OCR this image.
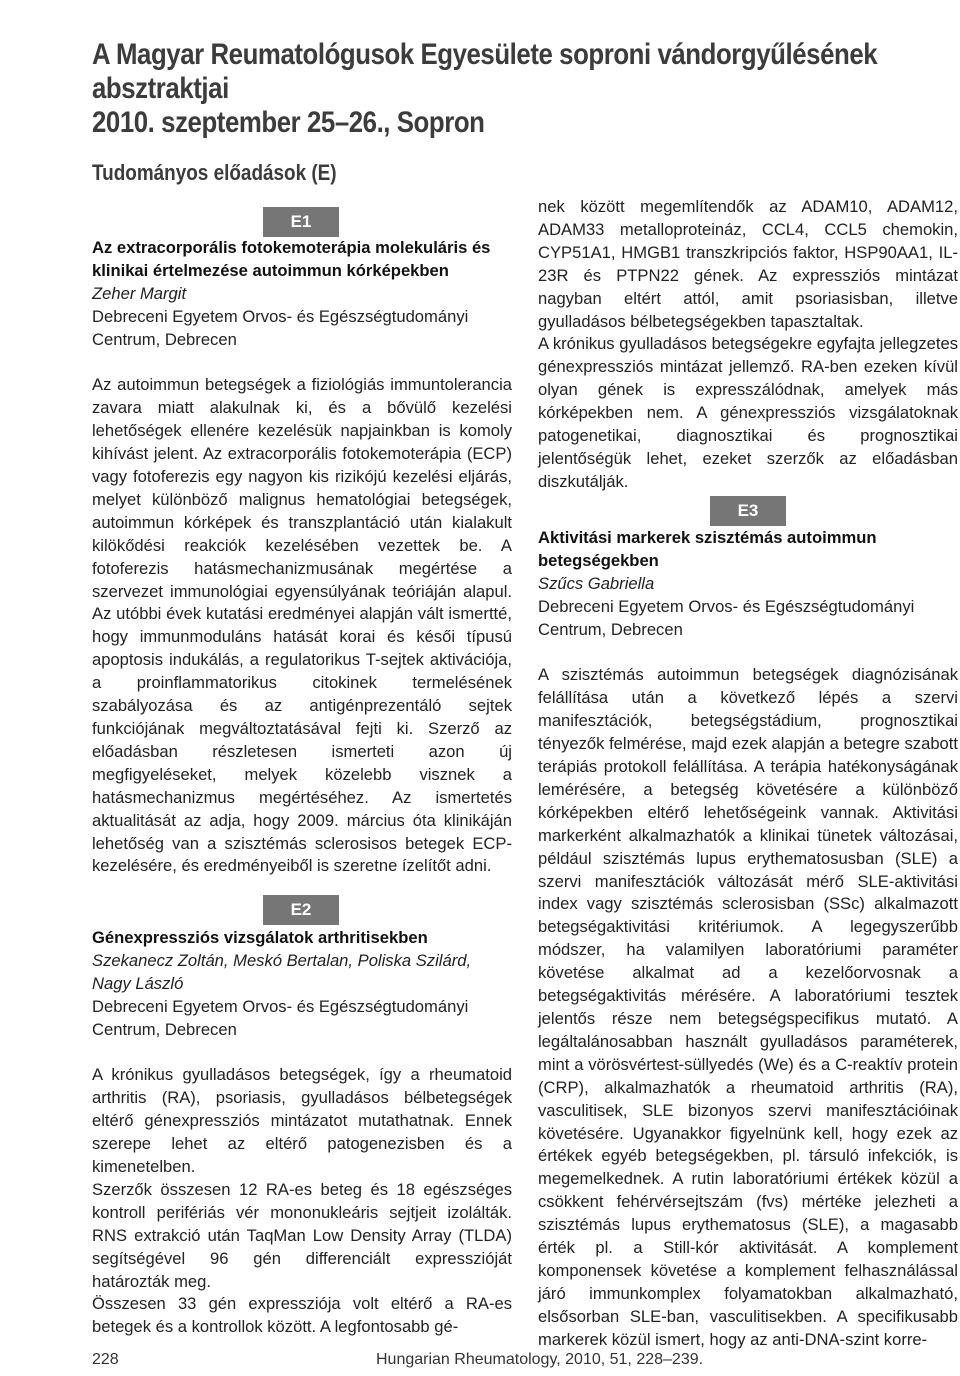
A Magyar Reumatológusok Egyesülete soproni vándorgyűlésének
absztraktjai
2010. szeptember 25–26., Sopron
Tudományos előadások (E)
E1

Az extracorporális fotokemoterápia molekuláris és klinikai értelmezése autoimmun kórképekben

Zeher Margit

Debreceni Egyetem Orvos- és Egészségtudományi Centrum, Debrecen

Az autoimmun betegségek a fiziológiás immuntolerancia zavara miatt alakulnak ki, és a bővülő kezelési lehetőségek ellenére kezelésük napjainkban is komoly kihívást jelent. Az extracorporális fotokemoterápia (ECP) vagy fotoferezis egy nagyon kis rizikójú kezelési eljárás, melyet különböző malignus hematológiai betegségek, autoimmun kórképek és transzplantáció után kialakult kilökődési reakciók kezelésében vezettek be. A fotoferezis hatásmechanizmusának megértése a szervezet immunológiai egyensúlyának teóriáján alapul. Az utóbbi évek kutatási eredményei alapján vált ismertté, hogy immunmoduláns hatását korai és késői típusú apoptosis indukálás, a regulatorikus T-sejtek aktivációja, a proinflammatorikus citokinek termelésének szabályozása és az antigénprezentáló sejtek funkciójának megváltoztatásával fejti ki. Szerző az előadásban részletesen ismerteti azon új megfigyeléseket, melyek közelebb visznek a hatásmechanizmus megértéséhez. Az ismertetés aktualitását az adja, hogy 2009. március óta klinikáján lehetőség van a szisztémás sclerosisos betegek ECP-kezelésére, és eredményeiből is szeretne ízelítőt adni.

E2

Génexpressziós vizsgálatok arthritisekben

Szekanecz Zoltán, Meskó Bertalan, Poliska Szilárd, Nagy László

Debreceni Egyetem Orvos- és Egészségtudományi Centrum, Debrecen

A krónikus gyulladásos betegségek, így a rheumatoid arthritis (RA), psoriasis, gyulladásos bélbetegségek eltérő génexpressziós mintázatot mutathatnak. Ennek szerepe lehet az eltérő patogenezisben és a kimenetelben.

Szerzők összesen 12 RA-es beteg és 18 egészséges kontroll perifériás vér mononukleáris sejtjeit izolálták. RNS extrakció után TaqMan Low Density Array (TLDA) segítségével 96 gén differenciált expresszióját határozták meg.

Összesen 33 gén expressziója volt eltérő a RA-es betegek és a kontrollok között. A legfontosabb gé-

nek között megemlítendők az ADAM10, ADAM12, ADAM33 metalloproteináz, CCL4, CCL5 chemokin, CYP51A1, HMGB1 transzkripciós faktor, HSP90AA1, IL-23R és PTPN22 gének. Az expressziós mintázat nagyban eltért attól, amit psoriasisban, illetve gyulladásos bélbetegségekben tapasztaltak.

A krónikus gyulladásos betegségekre egyfajta jellegzetes génexpressziós mintázat jellemző. RA-ben ezeken kívül olyan gének is expresszálódnak, amelyek más kórképekben nem. A génexpressziós vizsgálatoknak patogenetikai, diagnosztikai és prognosztikai jelentőségük lehet, ezeket szerzők az előadásban diszkutálják.

E3

Aktivitási markerek szisztémás autoimmun betegségekben

Szűcs Gabriella

Debreceni Egyetem Orvos- és Egészségtudományi Centrum, Debrecen

A szisztémás autoimmun betegségek diagnózisának felállítása után a következő lépés a szervi manifesztációk, betegségstádium, prognosztikai tényezők felmérése, majd ezek alapján a betegre szabott terápiás protokoll felállítása. A terápia hatékonyságának lemérésére, a betegség követésére a különböző kórképekben eltérő lehetőségeink vannak. Aktivitási markerként alkalmazhatók a klinikai tünetek változásai, például szisztémás lupus erythematosusban (SLE) a szervi manifesztációk változását mérő SLE-aktivitási index vagy szisztémás sclerosisban (SSc) alkalmazott betegségaktivitási kritériumok. A legegyszerűbb módszer, ha valamilyen laboratóriumi paraméter követése alkalmat ad a kezelőorvosnak a betegségaktivitás mérésére. A laboratóriumi tesztek jelentős része nem betegségspecifikus mutató. A legáltalánosabban használt gyulladásos paraméterek, mint a vörösvértest-süllyedés (We) és a C-reaktív protein (CRP), alkalmazhatók a rheumatoid arthritis (RA), vasculitisek, SLE bizonyos szervi manifesztációinak követésére. Ugyanakkor figyelnünk kell, hogy ezek az értékek egyéb betegségekben, pl. társuló infekciók, is megemelkednek. A rutin laboratóriumi értékek közül a csökkent fehérvérsejtszám (fvs) mértéke jelezheti a szisztémás lupus erythematosus (SLE), a magasabb érték pl. a Still-kór aktivitását. A komplement komponensek követése a komplement felhasználással járó immunkomplex folyamatokban alkalmazható, elsősorban SLE-ban, vasculitisekben. A specifikusabb markerek közül ismert, hogy az anti-DNA-szint korre-

228	Hungarian Rheumatology, 2010, 51, 228–239.
